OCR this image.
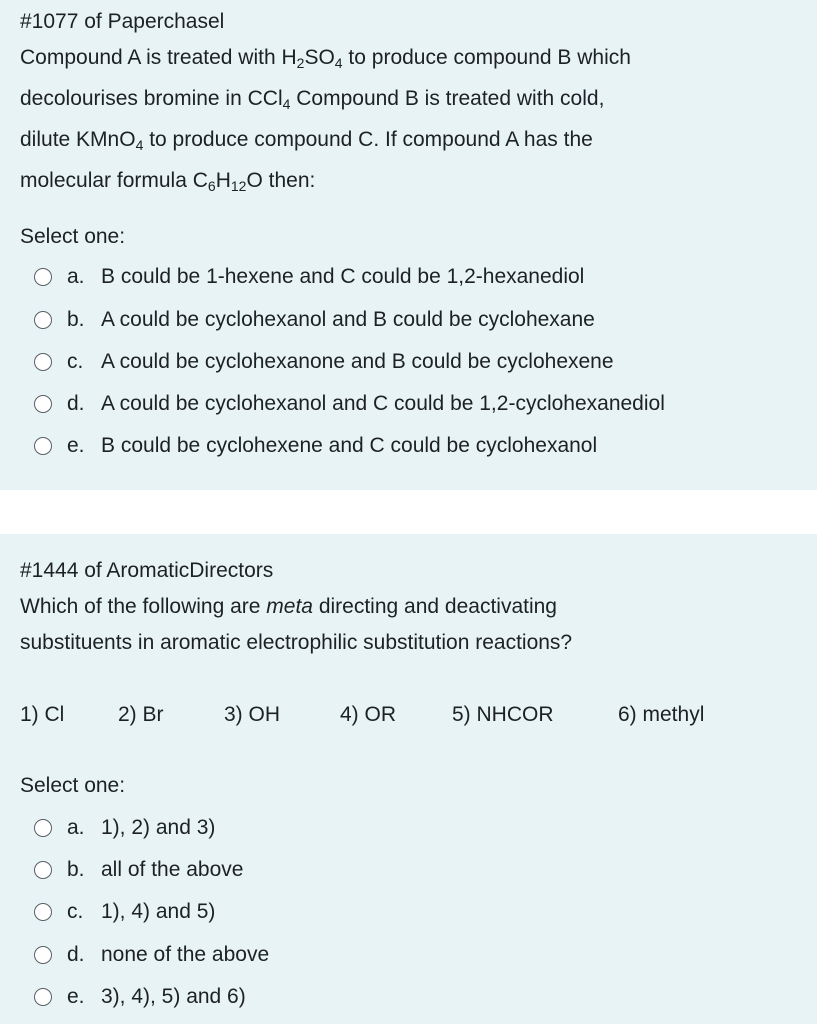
#1077 of Paperchasel
Compound A is treated with $H_2SO_4$ to produce compound B which
decolourises bromine in CCl$_4$ Compound B is treated with cold,
dilute KMnO$_4$ to produce compound C. If compound A has the
molecular formula $C_6H_{12}O$ then:
Select one:
a. B could be 1-hexene and C could be 1,2-hexanediol
b. A could be cyclohexanol and B could be cyclohexane
c. A could be cyclohexanone and B could be cyclohexene
d. A could be cyclohexanol and C could be 1,2-cyclohexanediol
e. B could be cyclohexene and C could be cyclohexanol
#1444 of AromaticDirectors
Which of the following are meta directing and deactivating
substituents in aromatic electrophilic substitution reactions?
1) Cl	2) Br	3) OH	4) OR	5) NHCOR	6) methyl
Select one:
a. 1), 2) and 3)
b. all of the above
c. 1), 4) and 5)
d. none of the above
e. 3), 4), 5) and 6)
